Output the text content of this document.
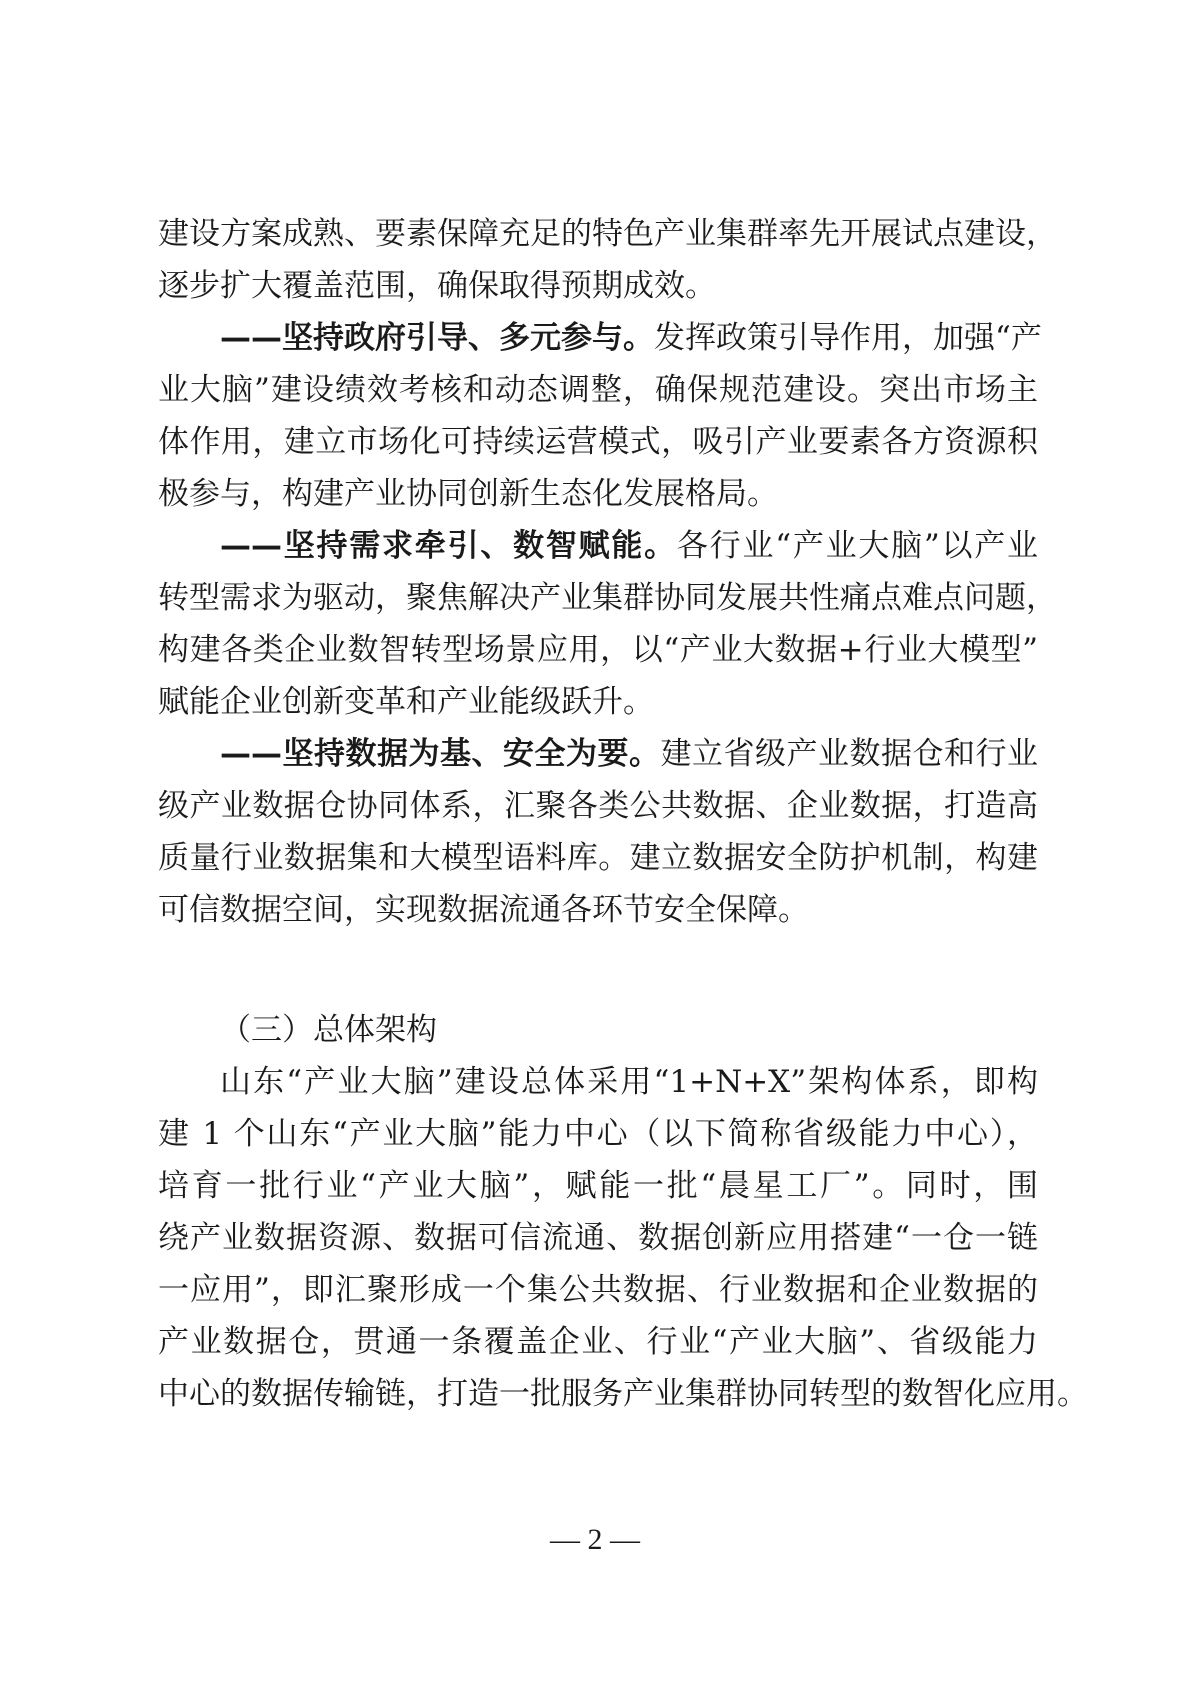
建设方案成熟、要素保障充足的特色产业集群率先开展试点建设，
逐步扩大覆盖范围，确保取得预期成效。
——坚持政府引导、多元参与。发挥政策引导作用，加强“产
业大脑”建设绩效考核和动态调整，确保规范建设。突出市场主
体作用，建立市场化可持续运营模式，吸引产业要素各方资源积
极参与，构建产业协同创新生态化发展格局。
——坚持需求牵引、数智赋能。各行业“产业大脑”以产业
转型需求为驱动，聚焦解决产业集群协同发展共性痛点难点问题，
构建各类企业数智转型场景应用，以“产业大数据+行业大模型”
赋能企业创新变革和产业能级跃升。
——坚持数据为基、安全为要。建立省级产业数据仓和行业
级产业数据仓协同体系，汇聚各类公共数据、企业数据，打造高
质量行业数据集和大模型语料库。建立数据安全防护机制，构建
可信数据空间，实现数据流通各环节安全保障。
（三）总体架构
山东“产业大脑”建设总体采用“1+N+X”架构体系，即构
建 1 个山东“产业大脑”能力中心（以下简称省级能力中心），
培育一批行业“产业大脑”，赋能一批“晨星工厂”。同时，围
绕产业数据资源、数据可信流通、数据创新应用搭建“一仓一链
一应用”，即汇聚形成一个集公共数据、行业数据和企业数据的
产业数据仓，贯通一条覆盖企业、行业“产业大脑”、省级能力
中心的数据传输链，打造一批服务产业集群协同转型的数智化应用。
— 2 —
